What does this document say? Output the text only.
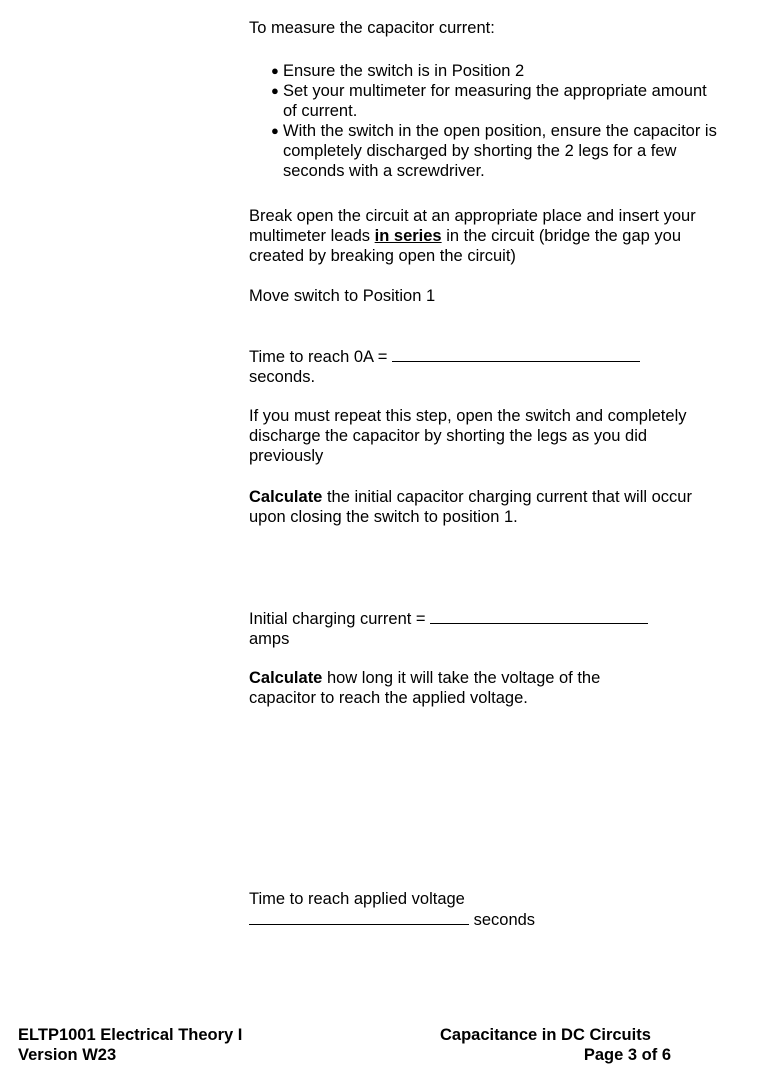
To measure the capacitor current:

● Ensure the switch is in Position 2
● Set your multimeter for measuring the appropriate amount of current.
● With the switch in the open position, ensure the capacitor is completely discharged by shorting the 2 legs for a few seconds with a screwdriver.

Break open the circuit at an appropriate place and insert your multimeter leads in series in the circuit (bridge the gap you created by breaking open the circuit)

Move switch to Position 1

Time to reach 0A =
seconds.

If you must repeat this step, open the switch and completely discharge the capacitor by shorting the legs as you did previously

Calculate the initial capacitor charging current that will occur upon closing the switch to position 1.

Initial charging current =
amps

Calculate how long it will take the voltage of the capacitor to reach the applied voltage.

Time to reach applied voltage
seconds

ELTP1001 Electrical Theory I
Version W23
Capacitance in DC Circuits
Page 3 of 6
